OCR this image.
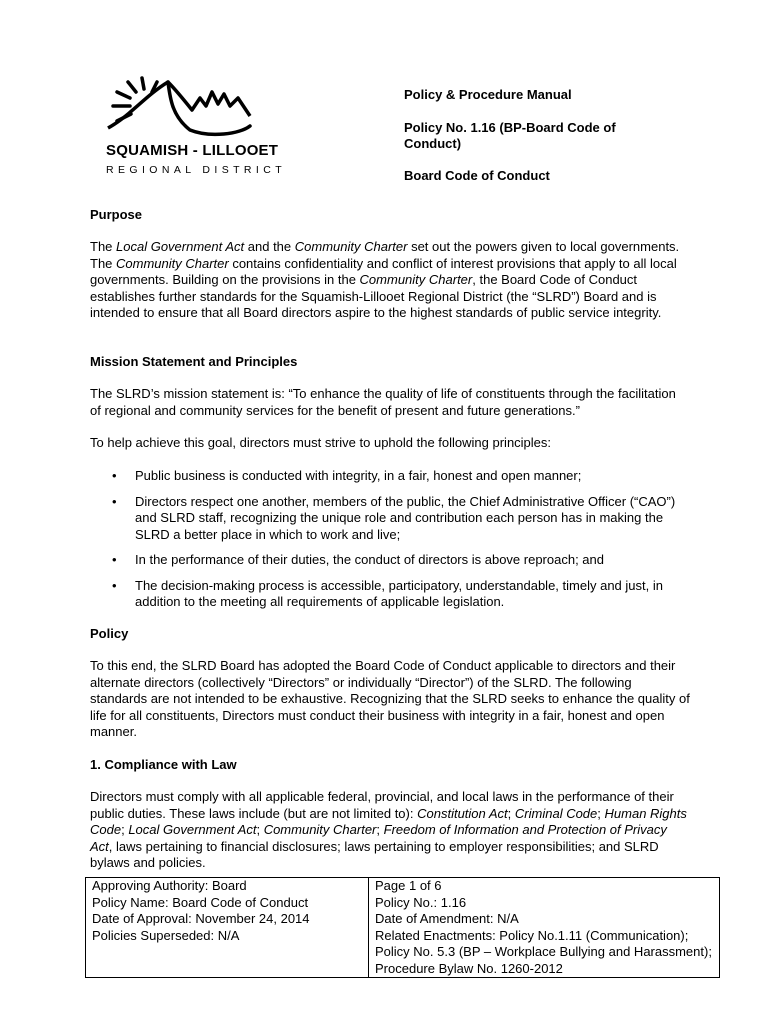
SQUAMISH - LILLOOET
REGIONAL DISTRICT
Policy & Procedure Manual
Policy No. 1.16 (BP-Board Code of Conduct)
Board Code of Conduct
Purpose
The Local Government Act and the Community Charter set out the powers given to local governments. The Community Charter contains confidentiality and conflict of interest provisions that apply to all local governments. Building on the provisions in the Community Charter, the Board Code of Conduct establishes further standards for the Squamish-Lillooet Regional District (the “SLRD”) Board and is intended to ensure that all Board directors aspire to the highest standards of public service integrity.
Mission Statement and Principles
The SLRD’s mission statement is: “To enhance the quality of life of constituents through the facilitation of regional and community services for the benefit of present and future generations.”
To help achieve this goal, directors must strive to uphold the following principles:
• Public business is conducted with integrity, in a fair, honest and open manner;
• Directors respect one another, members of the public, the Chief Administrative Officer (“CAO”) and SLRD staff, recognizing the unique role and contribution each person has in making the SLRD a better place in which to work and live;
• In the performance of their duties, the conduct of directors is above reproach; and
• The decision-making process is accessible, participatory, understandable, timely and just, in addition to the meeting all requirements of applicable legislation.
Policy
To this end, the SLRD Board has adopted the Board Code of Conduct applicable to directors and their alternate directors (collectively “Directors” or individually “Director”) of the SLRD. The following standards are not intended to be exhaustive. Recognizing that the SLRD seeks to enhance the quality of life for all constituents, Directors must conduct their business with integrity in a fair, honest and open manner.
1. Compliance with Law
Directors must comply with all applicable federal, provincial, and local laws in the performance of their public duties. These laws include (but are not limited to): Constitution Act; Criminal Code; Human Rights Code; Local Government Act; Community Charter; Freedom of Information and Protection of Privacy Act, laws pertaining to financial disclosures; laws pertaining to employer responsibilities; and SLRD bylaws and policies.
Approving Authority: Board	Page 1 of 6
Policy Name: Board Code of Conduct	Policy No.: 1.16
Date of Approval: November 24, 2014	Date of Amendment: N/A
Policies Superseded: N/A	Related Enactments: Policy No.1.11 (Communication); Policy No. 5.3 (BP – Workplace Bullying and Harassment); Procedure Bylaw No. 1260-2012
